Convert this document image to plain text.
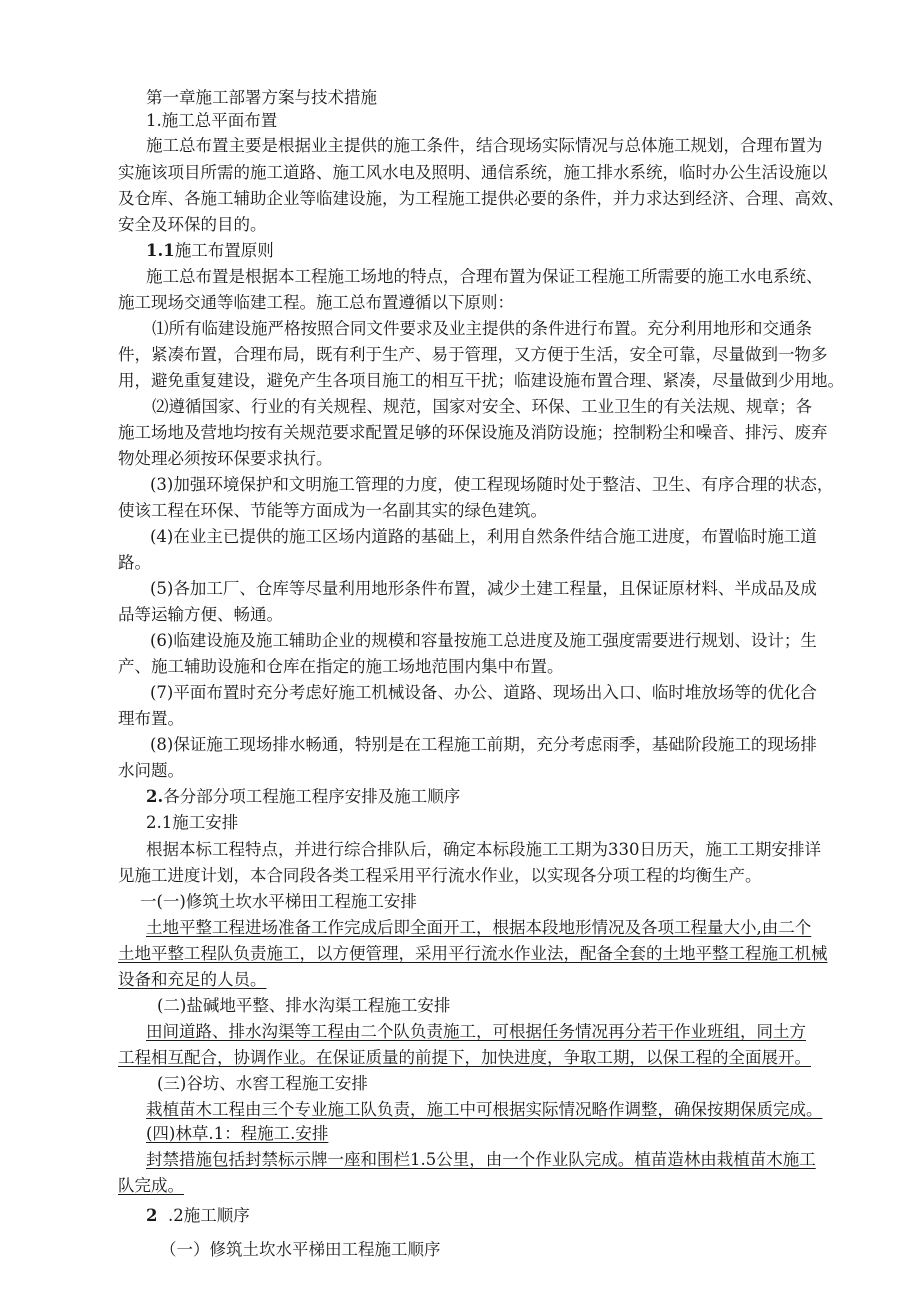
第一章施工部署方案与技术措施
1.施工总平面布置
施工总布置主要是根据业主提供的施工条件，结合现场实际情况与总体施工规划，合理布置为
实施该项目所需的施工道路、施工风水电及照明、通信系统，施工排水系统，临时办公生活设施以
及仓库、各施工辅助企业等临建设施，为工程施工提供必要的条件，并力求达到经济、合理、高效、
安全及环保的目的。
1.1施工布置原则
施工总布置是根据本工程施工场地的特点，合理布置为保证工程施工所需要的施工水电系统、
施工现场交通等临建工程。施工总布置遵循以下原则：
⑴所有临建设施严格按照合同文件要求及业主提供的条件进行布置。充分利用地形和交通条
件，紧凑布置，合理布局，既有利于生产、易于管理，又方便于生活，安全可靠，尽量做到一物多
用，避免重复建设，避免产生各项目施工的相互干扰；临建设施布置合理、紧凑，尽量做到少用地。
⑵遵循国家、行业的有关规程、规范，国家对安全、环保、工业卫生的有关法规、规章；各
施工场地及营地均按有关规范要求配置足够的环保设施及消防设施；控制粉尘和噪音、排污、废弃
物处理必须按环保要求执行。
(3)加强环境保护和文明施工管理的力度，使工程现场随时处于整洁、卫生、有序合理的状态，
使该工程在环保、节能等方面成为一名副其实的绿色建筑。
(4)在业主已提供的施工区场内道路的基础上，利用自然条件结合施工进度，布置临时施工道
路。
(5)各加工厂、仓库等尽量利用地形条件布置，减少土建工程量，且保证原材料、半成品及成
品等运输方便、畅通。
(6)临建设施及施工辅助企业的规模和容量按施工总进度及施工强度需要进行规划、设计；生
产、施工辅助设施和仓库在指定的施工场地范围内集中布置。
(7)平面布置时充分考虑好施工机械设备、办公、道路、现场出入口、临时堆放场等的优化合
理布置。
(8)保证施工现场排水畅通，特别是在工程施工前期，充分考虑雨季，基础阶段施工的现场排
水问题。
2.各分部分项工程施工程序安排及施工顺序
2.1施工安排
根据本标工程特点，并进行综合排队后，确定本标段施工工期为330日历天，施工工期安排详
见施工进度计划，本合同段各类工程采用平行流水作业，以实现各分项工程的均衡生产。
一(一)修筑土坎水平梯田工程施工安排
土地平整工程进场准备工作完成后即全面开工，根据本段地形情况及各项工程量大小,由二个
土地平整工程队负责施工，以方便管理，采用平行流水作业法，配备全套的土地平整工程施工机械
设备和充足的人员。
(二)盐碱地平整、排水沟渠工程施工安排
田间道路、排水沟渠等工程由二个队负责施工，可根据任务情况再分若干作业班组，同土方
工程相互配合，协调作业。在保证质量的前提下，加快进度，争取工期，以保工程的全面展开。
(三)谷坊、水窖工程施工安排
栽植苗木工程由三个专业施工队负责，施工中可根据实际情况略作调整，确保按期保质完成。
(四)林草.1：程施工.安排
封禁措施包括封禁标示牌一座和围栏1.5公里，由一个作业队完成。植苗造林由栽植苗木施工
队完成。
2 .2施工顺序
（一）修筑土坎水平梯田工程施工顺序
